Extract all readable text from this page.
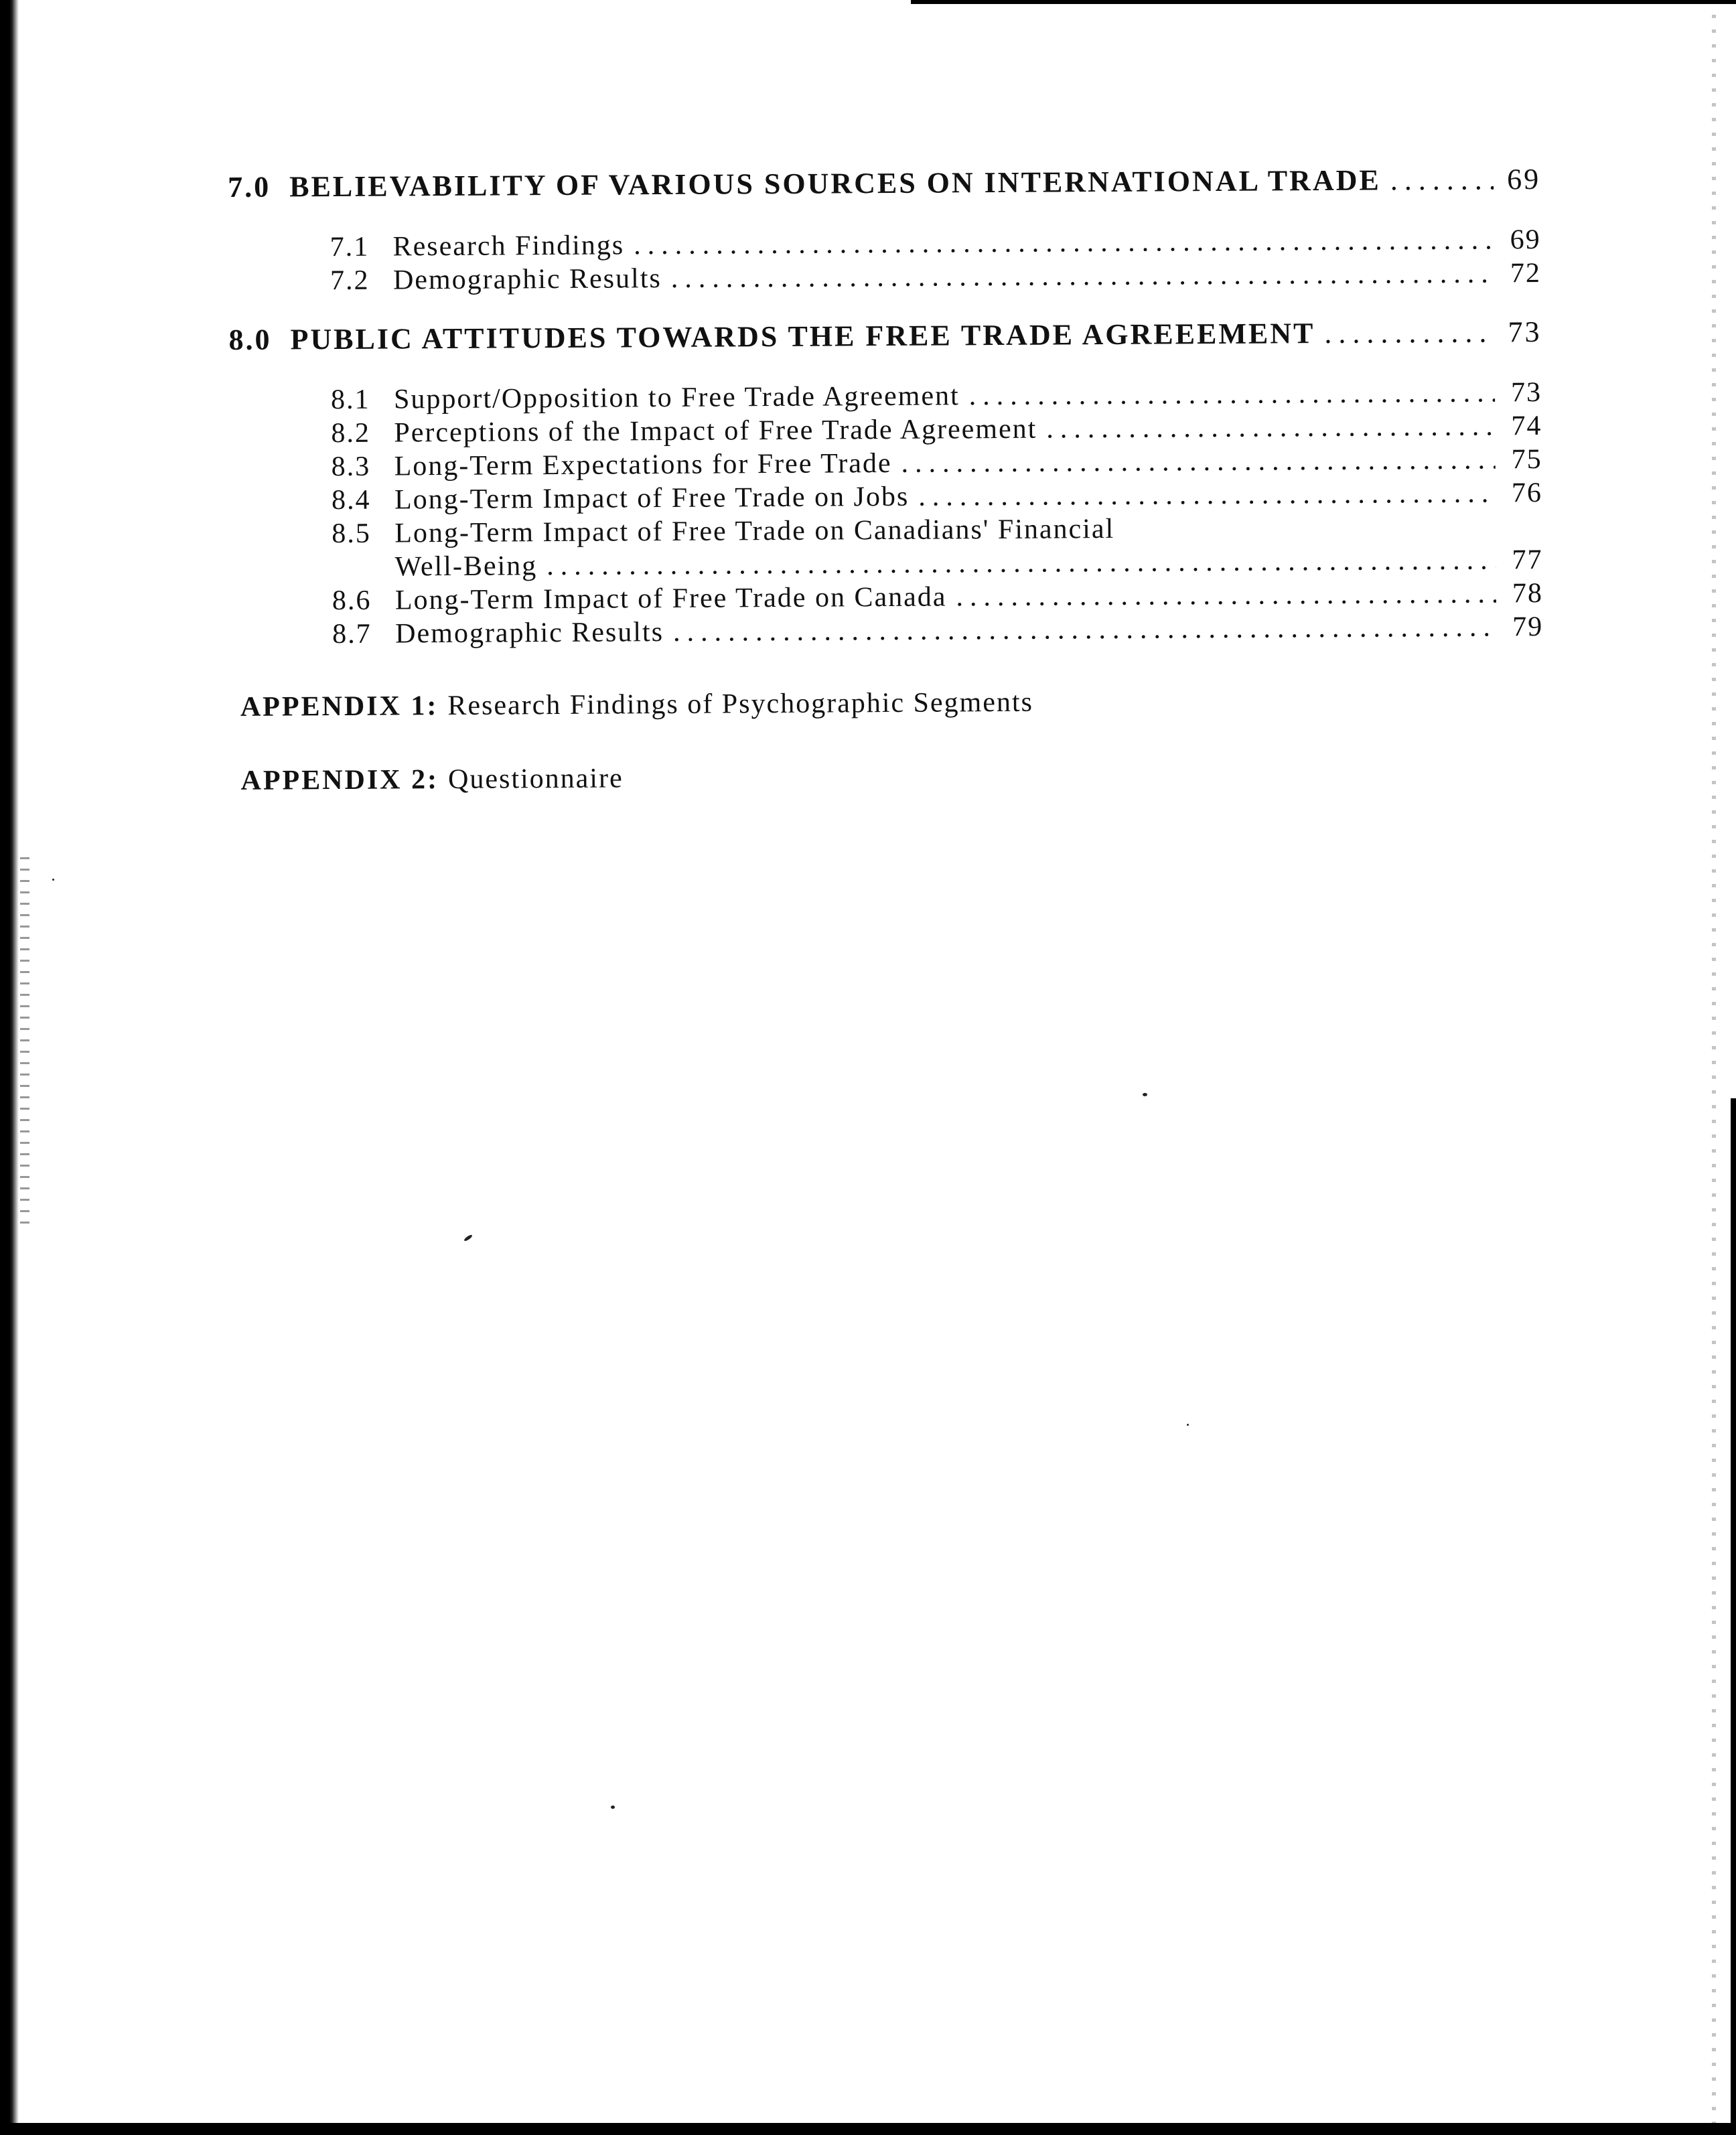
7.0 BELIEVABILITY OF VARIOUS SOURCES ON INTERNATIONAL TRADE .....	69
7.1 Research Findings .....	69
7.2 Demographic Results .....	72
8.0 PUBLIC ATTITUDES TOWARDS THE FREE TRADE AGREEEMENT .....	73
8.1 Support/Opposition to Free Trade Agreement .....	73
8.2 Perceptions of the Impact of Free Trade Agreement .....	74
8.3 Long-Term Expectations for Free Trade .....	75
8.4 Long-Term Impact of Free Trade on Jobs .....	76
8.5 Long-Term Impact of Free Trade on Canadians' Financial
Well-Being .....	77
8.6 Long-Term Impact of Free Trade on Canada .....	78
8.7 Demographic Results .....	79
APPENDIX 1: Research Findings of Psychographic Segments
APPENDIX 2: Questionnaire
